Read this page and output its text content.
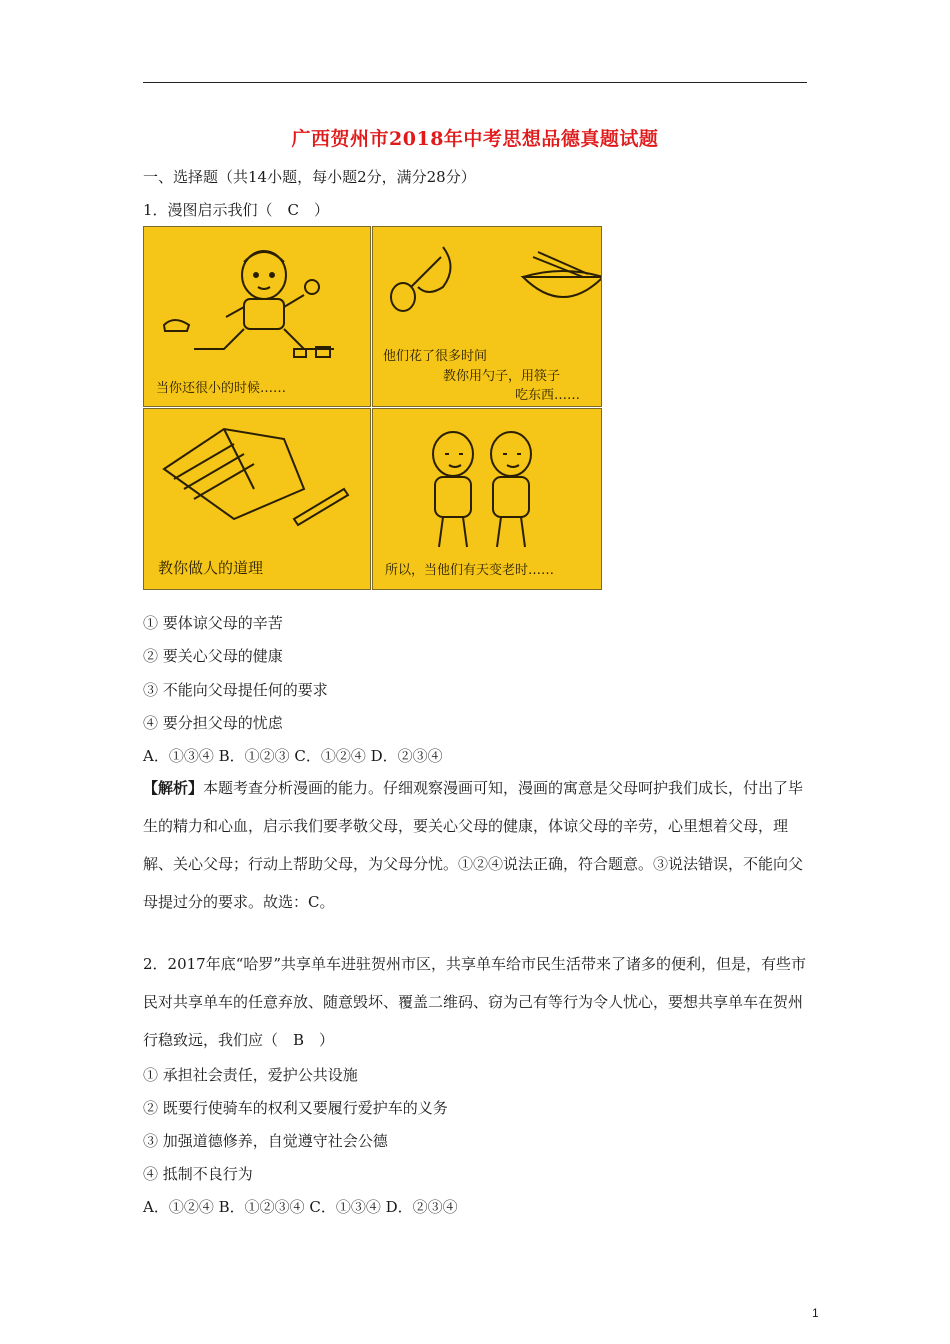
广西贺州市2018年中考思想品德真题试题
一、选择题（共14小题，每小题2分，满分28分）
1．漫图启示我们（　C　）
当你还很小的时候……
他们花了很多时间
教你用勺子，用筷子
吃东西……
教你做人的道理	所以，当他们有天变老时……
① 要体谅父母的辛苦
② 要关心父母的健康
③ 不能向父母提任何的要求
④ 要分担父母的忧虑
A．①③④ B．①②③ C．①②④ D．②③④
【解析】本题考查分析漫画的能力。仔细观察漫画可知，漫画的寓意是父母呵护我们成长，付出了毕生的精力和心血，启示我们要孝敬父母，要关心父母的健康，体谅父母的辛劳，心里想着父母，理解、关心父母；行动上帮助父母，为父母分忧。①②④说法正确，符合题意。③说法错误，不能向父母提过分的要求。故选：C。
2．2017年底“哈罗”共享单车进驻贺州市区，共享单车给市民生活带来了诸多的便利，但是，有些市民对共享单车的任意弃放、随意毁坏、覆盖二维码、窃为己有等行为令人忧心，要想共享单车在贺州行稳致远，我们应（　B　）
① 承担社会责任，爱护公共设施
② 既要行使骑车的权利又要履行爱护车的义务
③ 加强道德修养，自觉遵守社会公德
④ 抵制不良行为
A．①②④ B．①②③④ C．①③④ D．②③④
1
